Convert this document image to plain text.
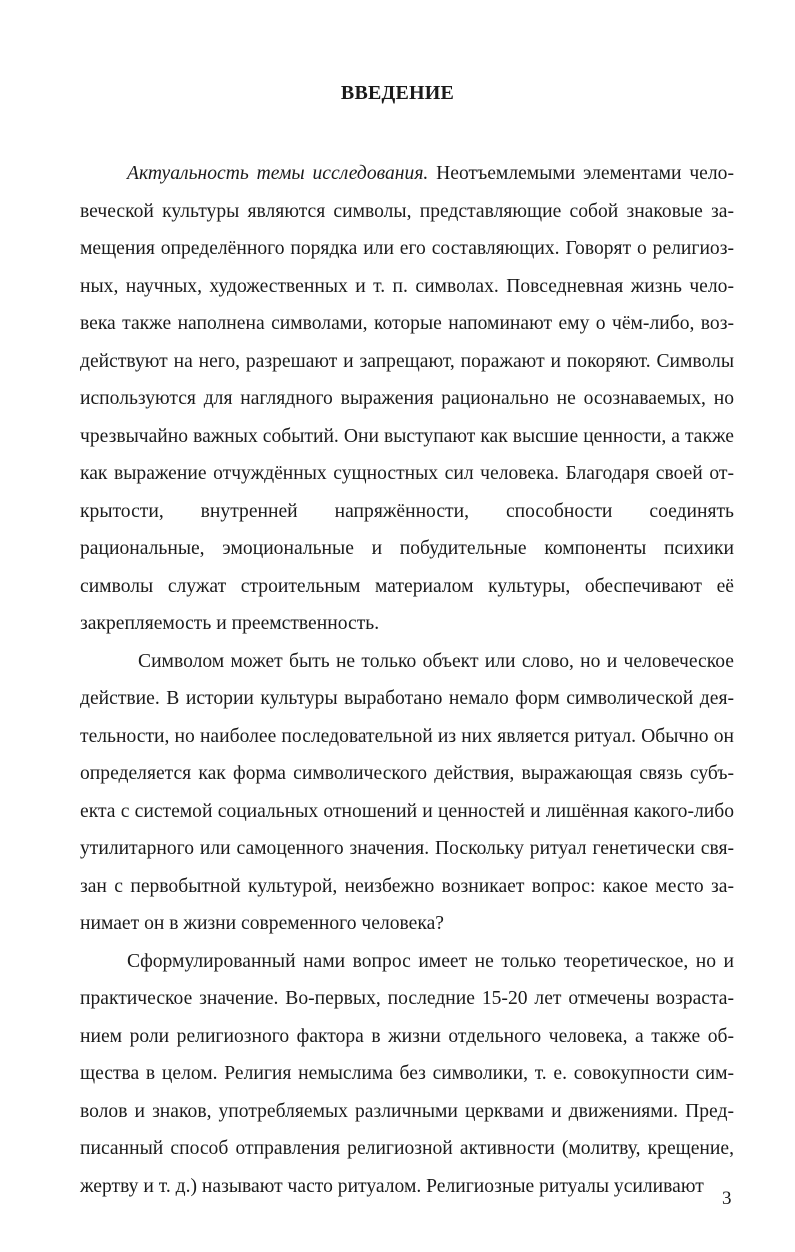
ВВЕДЕНИЕ

Актуальность темы исследования. Неотъемлемыми элементами человеческой культуры являются символы, представляющие собой знаковые замещения определённого порядка или его составляющих. Говорят о религиозных, научных, художественных и т. п. символах. Повседневная жизнь человека также наполнена символами, которые напоминают ему о чём-либо, воздействуют на него, разрешают и запрещают, поражают и покоряют. Символы используются для наглядного выражения рационально не осознаваемых, но чрезвычайно важных событий. Они выступают как высшие ценности, а также как выражение отчуждённых сущностных сил человека. Благодаря своей открытости, внутренней напряжённости, способности соединять рациональные, эмоциональные и побудительные компоненты психики символы служат строительным материалом культуры, обеспечивают её закрепляемость и преемственность.

Символом может быть не только объект или слово, но и человеческое действие. В истории культуры выработано немало форм символической деятельности, но наиболее последовательной из них является ритуал. Обычно он определяется как форма символического действия, выражающая связь субъекта с системой социальных отношений и ценностей и лишённая какого-либо утилитарного или самоценного значения. Поскольку ритуал генетически связан с первобытной культурой, неизбежно возникает вопрос: какое место занимает он в жизни современного человека?

Сформулированный нами вопрос имеет не только теоретическое, но и практическое значение. Во-первых, последние 15-20 лет отмечены возрастанием роли религиозного фактора в жизни отдельного человека, а также общества в целом. Религия немыслима без символики, т. е. совокупности символов и знаков, употребляемых различными церквами и движениями. Предписанный способ отправления религиозной активности (молитву, крещение, жертву и т. д.) называют часто ритуалом. Религиозные ритуалы усиливают

3
